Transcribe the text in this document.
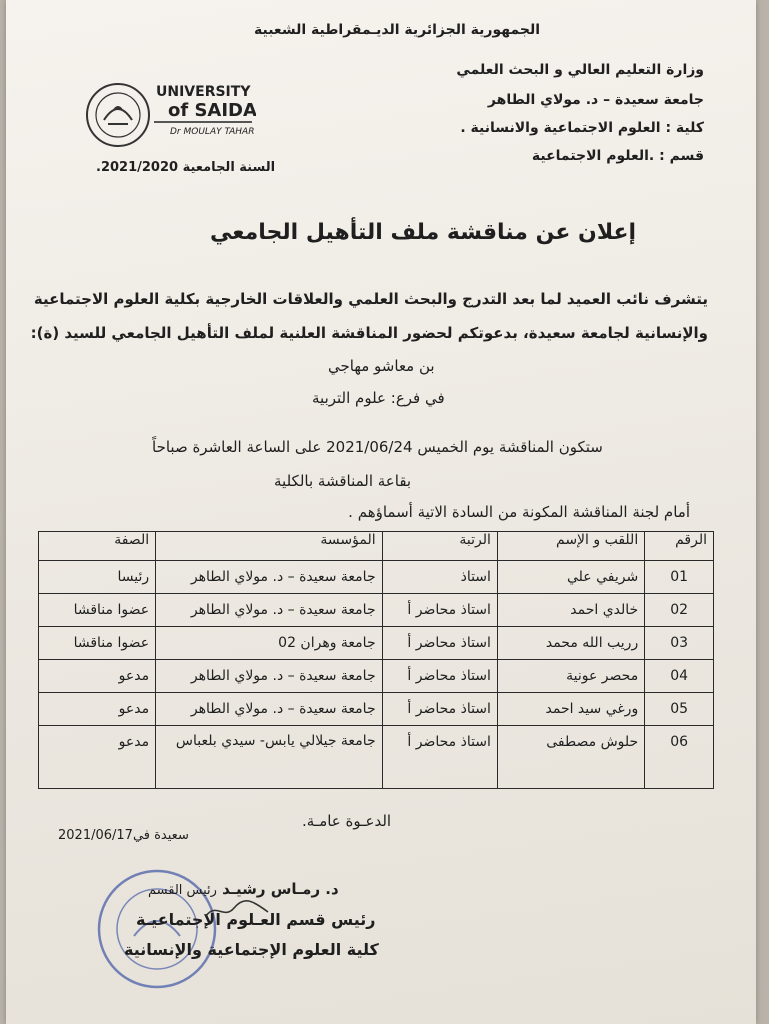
الجمهورية الجزائرية الديـمقراطية الشعبية
وزارة التعليم العالي و البحث العلمي
جامعة سعيدة – د. مولاي الطاهر
كلية : العلوم الاجتماعية والانسانية .
قسم : .العلوم الاجتماعية
UNIVERSITY
of SAIDA
Dr MOULAY TAHAR
السنة الجامعية 2021/2020.
إعلان عن مناقشة ملف التأهيل الجامعي
يتشرف نائب العميد لما بعد التدرج والبحث العلمي والعلاقات الخارجية بكلية العلوم الاجتماعية
والإنسانية لجامعة سعيدة، بدعوتكم لحضور المناقشة العلنية لملف التأهيل الجامعي للسيد (ة):
بن معاشو مهاجي
في فرع: علوم التربية
ستكون المناقشة يوم الخميس 2021/06/24 على الساعة العاشرة صباحاً
بقاعة المناقشة بالكلية
أمام لجنة المناقشة المكونة من السادة الاتية أسماؤهم .
الرقم	اللقب و الإسم	الرتبة	المؤسسة	الصفة
01	شريفي علي	استاذ	جامعة سعيدة – د. مولاي الطاهر	رئيسا
02	خالدي احمد	استاذ محاضر أ	جامعة سعيدة – د. مولاي الطاهر	عضوا مناقشا
03	رريب الله محمد	استاذ محاضر أ	جامعة وهران 02	عضوا مناقشا
04	محصر عونية	استاذ محاضر أ	جامعة سعيدة – د. مولاي الطاهر	مدعو
05	ورغي سيد احمد	استاذ محاضر أ	جامعة سعيدة – د. مولاي الطاهر	مدعو
06	حلوش مصطفى	استاذ محاضر أ	جامعة جيلالي يابس- سيدي بلعباس	مدعو
الدعـوة عامـة.
سعيدة في2021/06/17
د. رمـاس رشيـد رئيس القسم
رئيس قسم العـلوم الإجتماعيـة
كلية العلوم الإجتماعية والإنسانية
